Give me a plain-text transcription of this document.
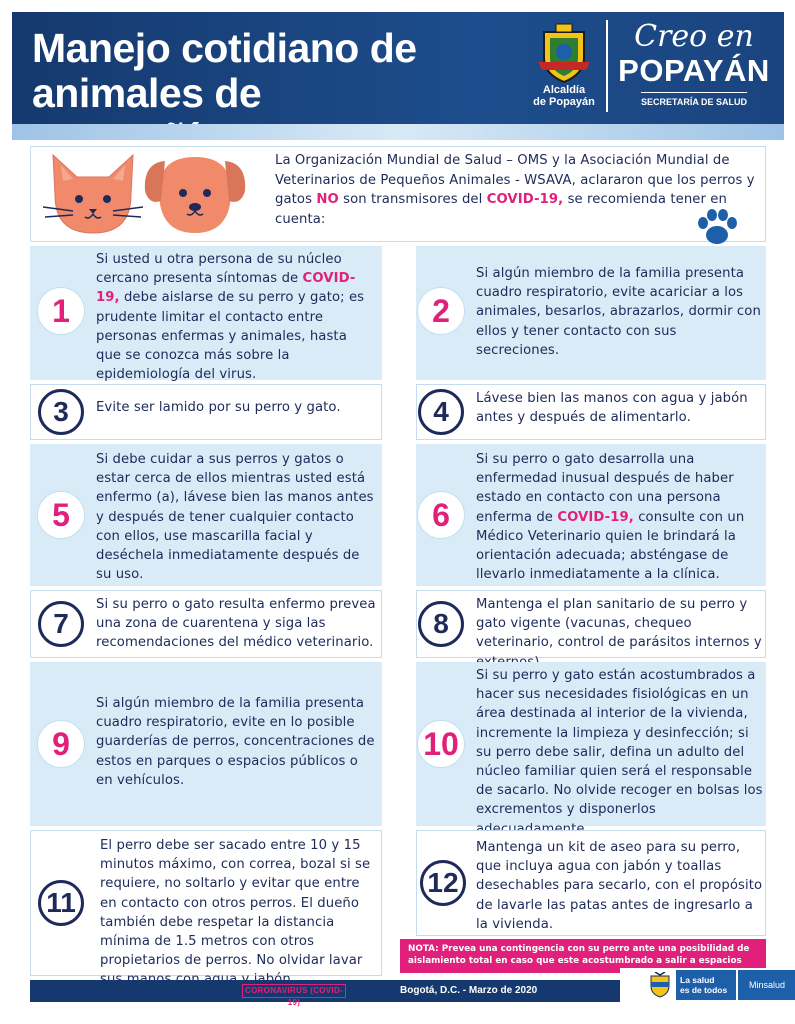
Manejo cotidiano de
animales de	Alcaldía
de Popayán
Creo en
POPAYÁN
SECRETARÍA DE SALUD

La Organización Mundial de Salud – OMS y la Asociación Mundial de Veterinarios de Pequeños Animales - WSAVA, aclararon que los perros y gatos NO son transmisores del COVID-19, se recomienda tener en cuenta:

1

Si usted u otra persona de su núcleo cercano presenta síntomas de COVID-19, debe aislarse de su perro y gato; es prudente limitar el contacto entre personas enfermas y animales, hasta que se conozca más sobre la epidemiología del virus.

2

Si algún miembro de la familia presenta cuadro respiratorio, evite acariciar a los animales, besarlos, abrazarlos, dormir con ellos y tener contacto con sus secreciones.

3	Evite ser lamido por su perro y gato.	4	Lávese bien las manos con agua y jabón antes y después de alimentarlo.

5

Si debe cuidar a sus perros y gatos o estar cerca de ellos mientras usted está enfermo (a), lávese bien las manos antes y después de tener cualquier contacto con ellos, use mascarilla facial y deséchela inmediatamente después de su uso.

6

Si su perro o gato desarrolla una enfermedad inusual después de haber estado en contacto con una persona enferma de COVID-19, consulte con un Médico Veterinario quien le brindará la orientación adecuada; absténgase de llevarlo inmediatamente a la clínica.

7

Si su perro o gato resulta enfermo prevea una zona de cuarentena y siga las recomendaciones del médico veterinario.

8

Mantenga el plan sanitario de su perro y gato vigente (vacunas, chequeo veterinario, control de parásitos internos y

9

Si algún miembro de la familia presenta cuadro respiratorio, evite en lo posible guarderías de perros, concentraciones de estos en parques o espacios públicos o en vehículos.

10

Si su perro y gato están acostumbrados a hacer sus necesidades fisiológicas en un área destinada al interior de la vivienda, incremente la limpieza y desinfección; si su perro debe salir, defina un adulto del núcleo familiar quien será el responsable de sacarlo. No olvide recoger en bolsas los excrementos y disponerlos

11

El perro debe ser sacado entre 10 y 15 minutos máximo, con correa, bozal si se requiere, no soltarlo y evitar que entre en contacto con otros perros. El dueño también debe respetar la distancia mínima de 1.5 metros con otros propietarios de perros. No olvidar lavar

12

Mantenga un kit de aseo para su perro, que incluya agua con jabón y toallas desechables para secarlo, con el propósito de lavarle las patas antes de ingresarlo a la vivienda.

NOTA: Prevea una contingencia con su perro ante una posibilidad de aislamiento total en caso que este acostumbrado a salir a espacios
CORONAVIRUS (COVID-19)
Bogotá, D.C. - Marzo de 2020
La salud
es de todos	Minsalud
